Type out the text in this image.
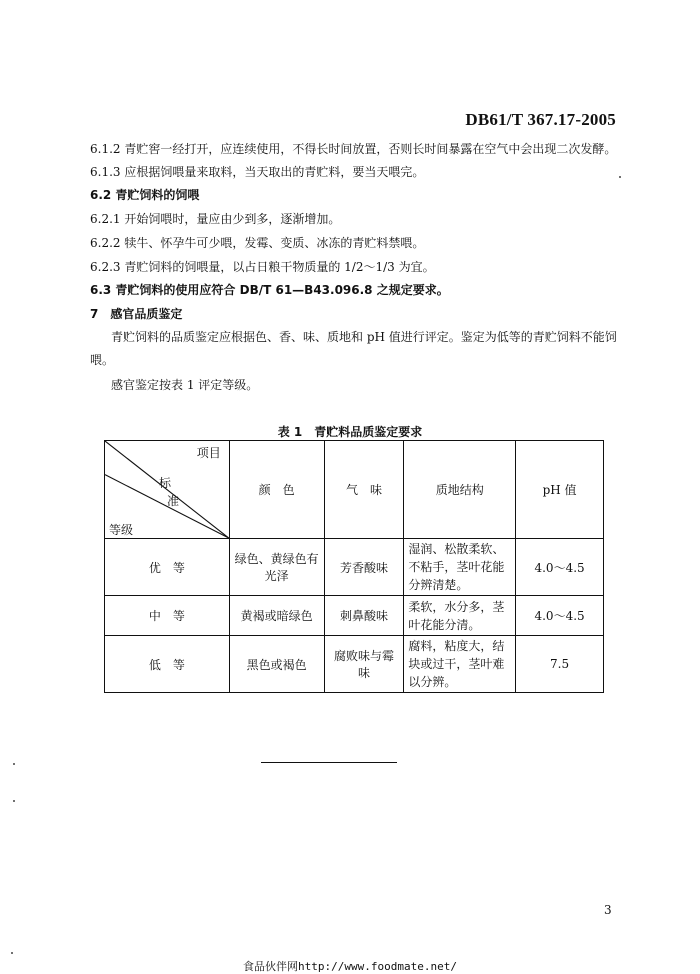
DB61/T 367.17-2005
6.1.2 青贮窖一经打开，应连续使用，不得长时间放置，否则长时间暴露在空气中会出现二次发酵。
6.1.3 应根据饲喂量来取料，当天取出的青贮料，要当天喂完。
6.2 青贮饲料的饲喂
6.2.1 开始饲喂时，量应由少到多，逐渐增加。
6.2.2 犊牛、怀孕牛可少喂，发霉、变质、冰冻的青贮料禁喂。
6.2.3 青贮饲料的饲喂量，以占日粮干物质量的 1/2～1/3 为宜。
6.3 青贮饲料的使用应符合 DB/T 61—B43.096.8 之规定要求。
7　感官品质鉴定
青贮饲料的品质鉴定应根据色、香、味、质地和 pH 值进行评定。鉴定为低等的青贮饲料不能饲
喂。
感官鉴定按表 1 评定等级。
表 1　青贮料品质鉴定要求
项目
标
准
等级	颜　色	气　味	质地结构	pH 值
优　等	绿色、黄绿色有光泽	芳香酸味	湿润、松散柔软、不粘手，茎叶花能分辨清楚。	4.0～4.5
中　等	黄褐或暗绿色	刺鼻酸味	柔软，水分多，茎叶花能分清。	4.0～4.5
低　等	黑色或褐色	腐败味与霉味	腐料，粘度大，结块或过干，茎叶难以分辨。	7.5
3
食品伙伴网http://www.foodmate.net/
